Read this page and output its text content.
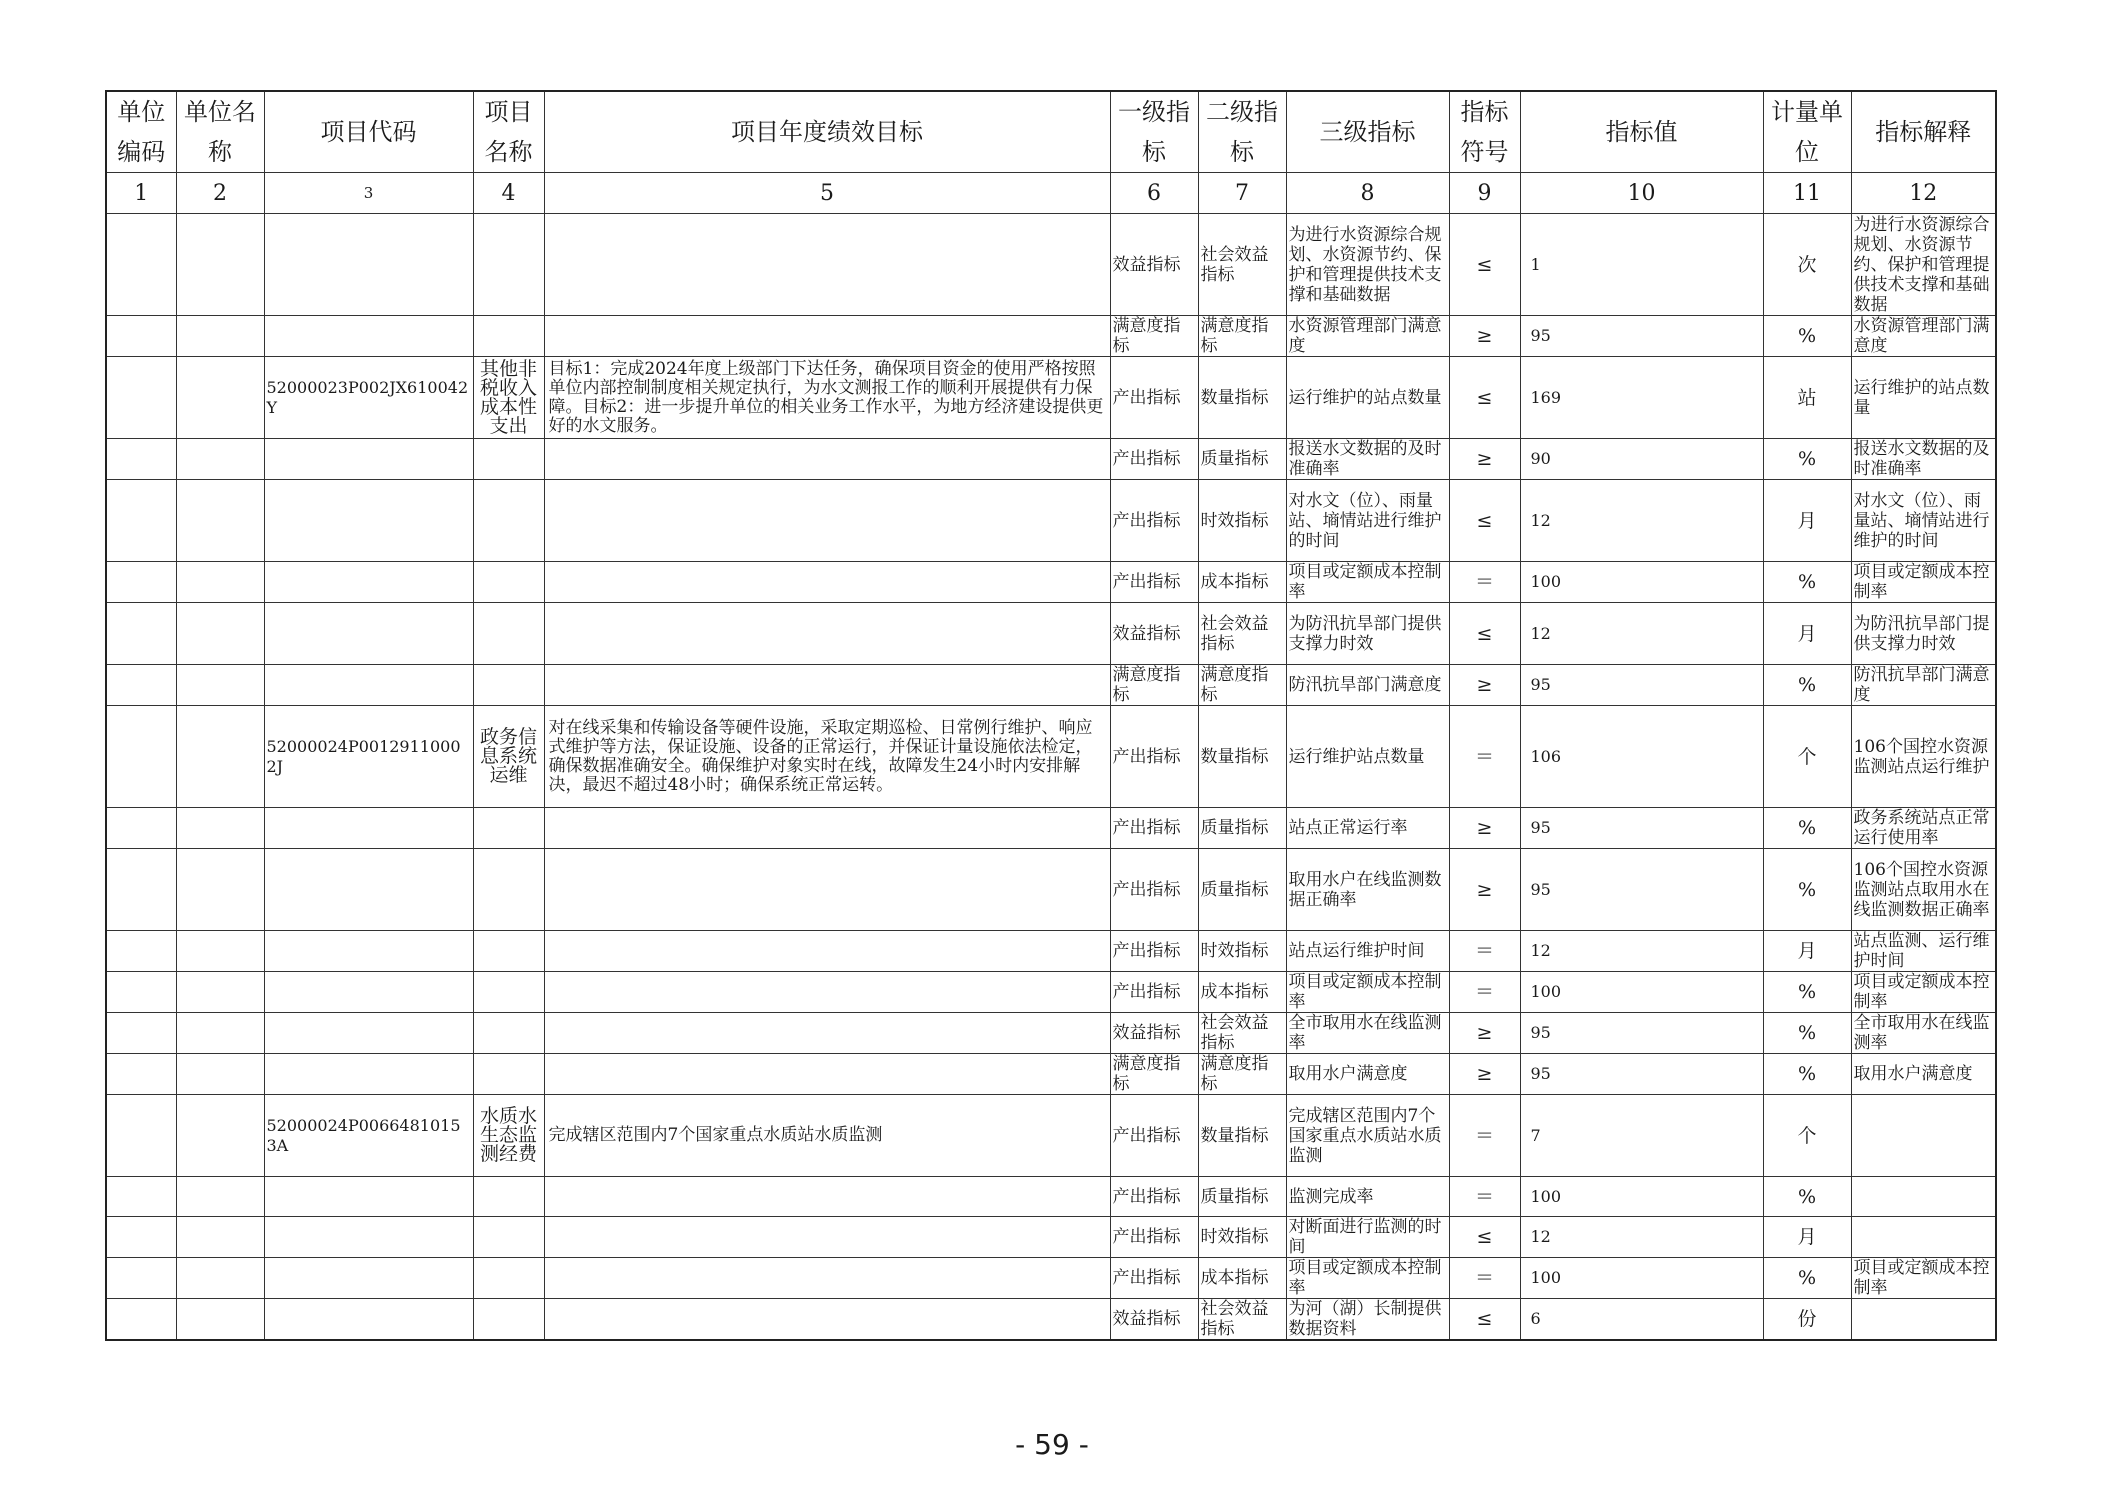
单位编码	单位名称	项目代码	项目名称	项目年度绩效目标	一级指标	二级指标	三级指标	指标符号	指标值	计量单位	指标解释
1	2	3	4	5	6	7	8	9	10	11	12
					效益指标	社会效益指标	为进行水资源综合规划、水资源节约、保护和管理提供技术支撑和基础数据	≤	1	次	为进行水资源综合规划、水资源节约、保护和管理提供技术支撑和基础数据
					满意度指标	满意度指标	水资源管理部门满意度	≥	95	%	水资源管理部门满意度
		52000023P002JX610042Y	其他非税收入成本性支出	目标1：完成2024年度上级部门下达任务，确保项目资金的使用严格按照单位内部控制制度相关规定执行，为水文测报工作的顺利开展提供有力保障。目标2：进一步提升单位的相关业务工作水平，为地方经济建设提供更好的水文服务。	产出指标	数量指标	运行维护的站点数量	≤	169	站	运行维护的站点数量
					产出指标	质量指标	报送水文数据的及时准确率	≥	90	%	报送水文数据的及时准确率
					产出指标	时效指标	对水文（位）、雨量站、墒情站进行维护的时间	≤	12	月	对水文（位）、雨量站、墒情站进行维护的时间
					产出指标	成本指标	项目或定额成本控制率	＝	100	%	项目或定额成本控制率
					效益指标	社会效益指标	为防汛抗旱部门提供支撑力时效	≤	12	月	为防汛抗旱部门提供支撑力时效
					满意度指标	满意度指标	防汛抗旱部门满意度	≥	95	%	防汛抗旱部门满意度
		52000024P00129110002J	政务信息系统运维	对在线采集和传输设备等硬件设施，采取定期巡检、日常例行维护、响应式维护等方法，保证设施、设备的正常运行，并保证计量设施依法检定，确保数据准确安全。确保维护对象实时在线，故障发生24小时内安排解决，最迟不超过48小时；确保系统正常运转。	产出指标	数量指标	运行维护站点数量	＝	106	个	106个国控水资源监测站点运行维护
					产出指标	质量指标	站点正常运行率	≥	95	%	政务系统站点正常运行使用率
					产出指标	质量指标	取用水户在线监测数据正确率	≥	95	%	106个国控水资源监测站点取用水在线监测数据正确率
					产出指标	时效指标	站点运行维护时间	＝	12	月	站点监测、运行维护时间
					产出指标	成本指标	项目或定额成本控制率	＝	100	%	项目或定额成本控制率
					效益指标	社会效益指标	全市取用水在线监测率	≥	95	%	全市取用水在线监测率
					满意度指标	满意度指标	取用水户满意度	≥	95	%	取用水户满意度
		52000024P00664810153A	水质水生态监测经费	完成辖区范围内7个国家重点水质站水质监测	产出指标	数量指标	完成辖区范围内7个国家重点水质站水质监测	＝	7	个	
					产出指标	质量指标	监测完成率	＝	100	%	
					产出指标	时效指标	对断面进行监测的时间	≤	12	月	
					产出指标	成本指标	项目或定额成本控制率	＝	100	%	项目或定额成本控制率
					效益指标	社会效益指标	为河（湖）长制提供数据资料	≤	6	份	
- 59 -
